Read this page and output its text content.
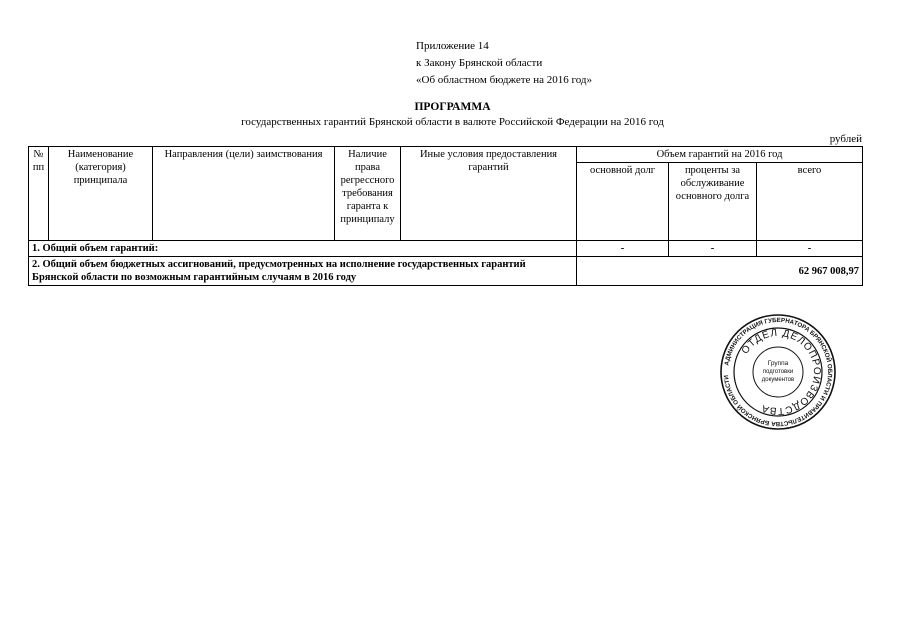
Приложение 14
к Закону Брянской области
«Об областном бюджете на 2016 год»
ПРОГРАММА
государственных гарантий Брянской области в валюте Российской Федерации на 2016 год
рублей
№ пп	Наименование (категория) принципала	Направления (цели) заимствования	Наличие права регрессного требования гаранта к принципалу	Иные условия предоставления гарантий	Объем гарантий на 2016 год		
					основной долг	проценты за обслуживание основного долга	всего
1. Общий объем гарантий:					-	-	-
2. Общий объем бюджетных ассигнований, предусмотренных на исполнение государственных гарантий Брянской области по возможным гарантийным случаям в 2016 году					62 967 008,97		
АДМИНИСТРАЦИЯ ГУБЕРНАТОРА БРЯНСКОЙ ОБЛАСТИ И ПРАВИТЕЛЬСТВА БРЯНСКОЙ ОБЛАСТИ
ОТДЕЛ ДЕЛОПРОИЗВОДСТВА
Группа
подготовки
документов
